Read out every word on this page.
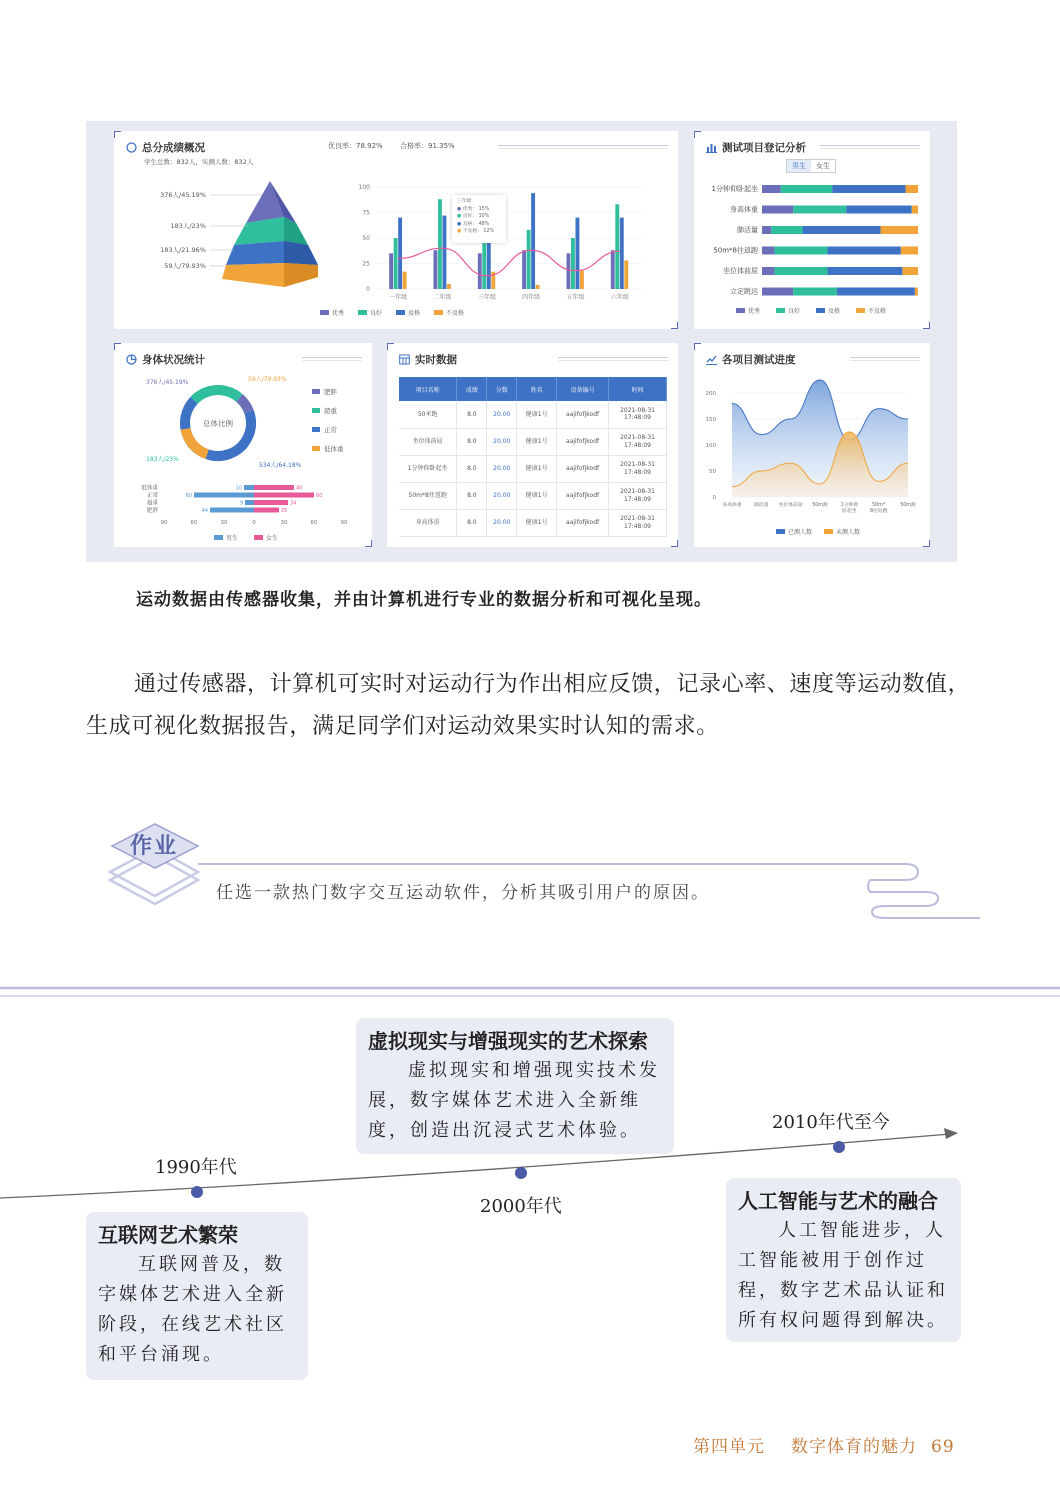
总分成绩概况	优良率：78.92% 合格率：91.35%
学生总数：832人，实测人数：832人
376人/45.19%
183人/23%
183人/21.96%
59人/79.93%
0
25
50
75
100
一年级	二年级	三年级	四年级	五年级	六年级
优秀	良好	及格	不及格
三年级
● 优秀： 15%
● 良好： 30%
● 及格： 48%
● 不及格： 12%
测试项目登记分析
男生	女生
1分钟仰卧起坐
身高体重
肺活量
50m*8往返跑
坐位体前屈
立定跳远
优秀	良好	及格	不及格
身体状况统计
总体比例
376人/45.19%	59人/79.93%
183人/23%
534人/64.18%
肥胖
超重
正常
低体重
低体重	10	40
正常	60	60
超重	9	34
肥胖	44	25
90	60	30	0	30	60	90
男生	女生
实时数据
项目名称	成绩	分数	姓名	设备编号	时间
50米跑	8.0	20.00	健康1号	aajifofjkodf	2021-08-31
17:48:09

坐位体前屈	8.0	20.00	健康1号	aajifofjkodf	2021-08-31
17:48:09

1分钟仰卧起坐	8.0	20.00	健康1号	aajifofjkodf	2021-08-31
17:48:09

50m*8往返跑	8.0	20.00	健康1号	aajifofjkodf	2021-08-31
17:48:09

身高体重	8.0	20.00	健康1号	aajifofjkodf	2021-08-31
17:48:09
各项目测试进度
0
50
100
150
200
身高体重	肺活量 坐位体前屈 50m跑	1分钟仰
卧起坐
50m*
8往返跑
50m跑
已测人数	未测人数
运动数据由传感器收集，并由计算机进行专业的数据分析和可视化呈现。

通过传感器，计算机可实时对运动行为作出相应反馈，记录心率、速度等运动数值，生成可视化数据报告，满足同学们对运动效果实时认知的需求。

作业
任选一款热门数字交互运动软件，分析其吸引用户的原因。
1990年代
2000年代
2010年代至今
互联网艺术繁荣
互联网普及，数字媒体艺术进入全新阶段，在线艺术社区和平台涌现。
虚拟现实与增强现实的艺术探索
虚拟现实和增强现实技术发展，数字媒体艺术进入全新维度，创造出沉浸式艺术体验。
人工智能与艺术的融合
人工智能进步，人工智能被用于创作过程，数字艺术品认证和所有权问题得到解决。
第四单元 数字体育的魅力 69
